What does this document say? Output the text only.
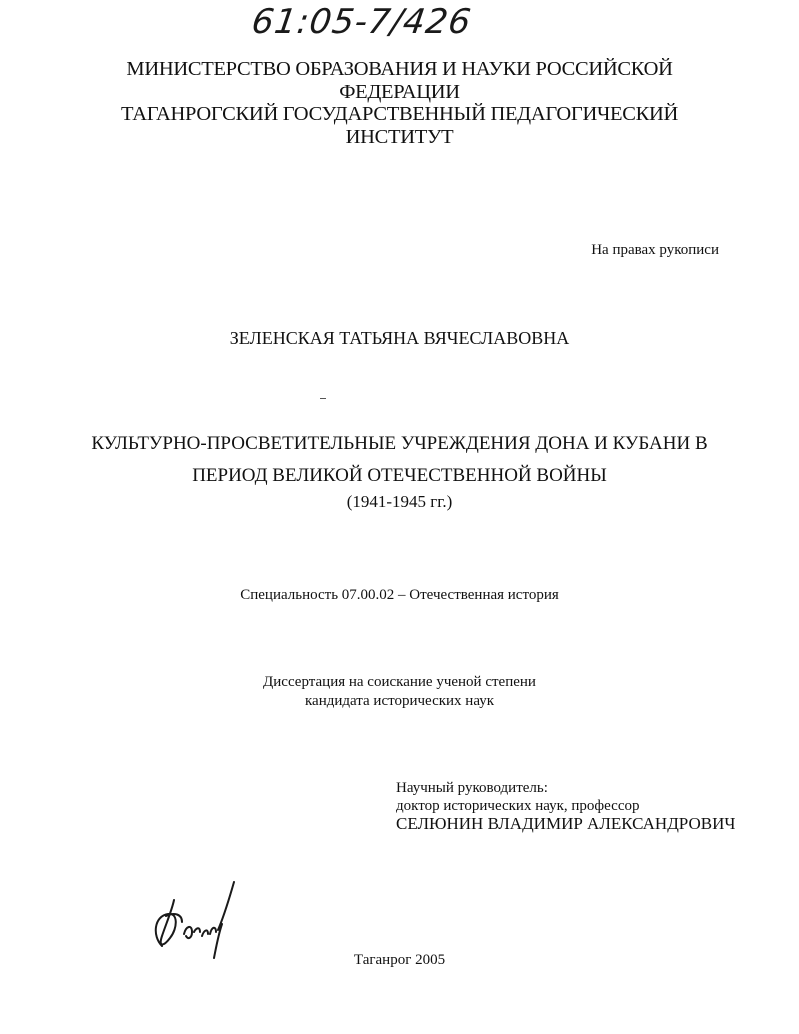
61:05-7/426
МИНИСТЕРСТВО ОБРАЗОВАНИЯ И НАУКИ РОССИЙСКОЙ
ФЕДЕРАЦИИ
ТАГАНРОГСКИЙ ГОСУДАРСТВЕННЫЙ ПЕДАГОГИЧЕСКИЙ
ИНСТИТУТ
На правах рукописи
ЗЕЛЕНСКАЯ ТАТЬЯНА ВЯЧЕСЛАВОВНА
КУЛЬТУРНО-ПРОСВЕТИТЕЛЬНЫЕ УЧРЕЖДЕНИЯ ДОНА И КУБАНИ В
ПЕРИОД ВЕЛИКОЙ ОТЕЧЕСТВЕННОЙ ВОЙНЫ
(1941-1945 гг.)
Специальность 07.00.02 – Отечественная история
Диссертация на соискание ученой степени
кандидата исторических наук
Научный руководитель:
доктор исторических наук, профессор
СЕЛЮНИН ВЛАДИМИР АЛЕКСАНДРОВИЧ
Таганрог 2005
